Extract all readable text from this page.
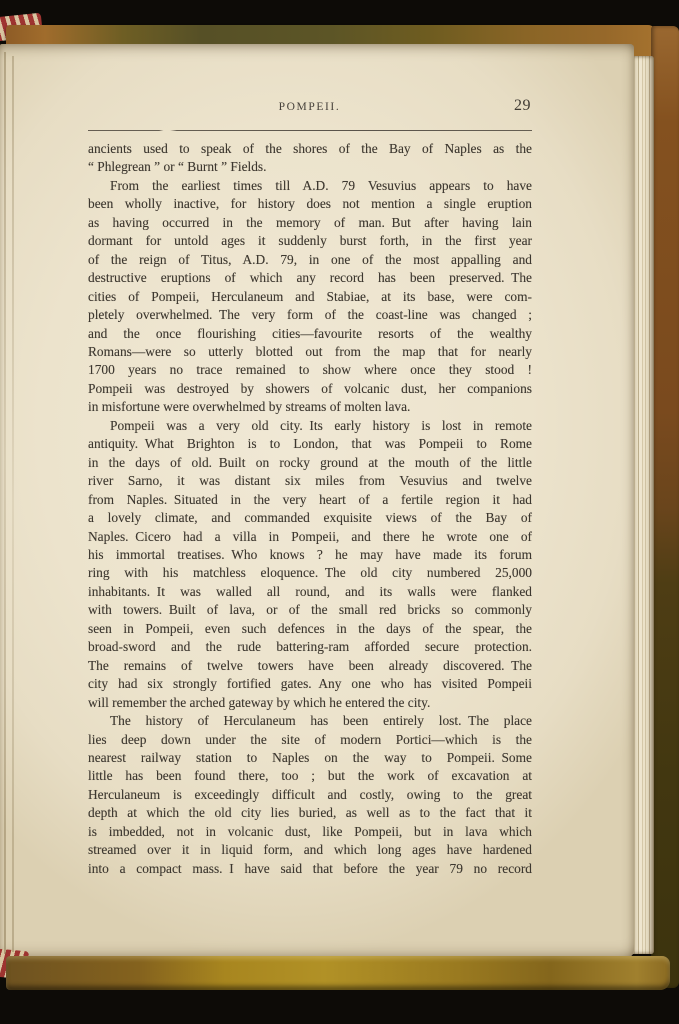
POMPEII.	29
ancients used to speak of the shores of the Bay of Naples as the
“ Phlegrean ” or “ Burnt ” Fields.
From the earliest times till A.D. 79 Vesuvius appears to have
been wholly inactive, for history does not mention a single eruption
as having occurred in the memory of man. But after having lain
dormant for untold ages it suddenly burst forth, in the first year
of the reign of Titus, A.D. 79, in one of the most appalling and
destructive eruptions of which any record has been preserved. The
cities of Pompeii, Herculaneum and Stabiae, at its base, were com-
pletely overwhelmed. The very form of the coast-line was changed ;
and the once flourishing cities—favourite resorts of the wealthy
Romans—were so utterly blotted out from the map that for nearly
1700 years no trace remained to show where once they stood !
Pompeii was destroyed by showers of volcanic dust, her companions
in misfortune were overwhelmed by streams of molten lava.
Pompeii was a very old city. Its early history is lost in remote
antiquity. What Brighton is to London, that was Pompeii to Rome
in the days of old. Built on rocky ground at the mouth of the little
river Sarno, it was distant six miles from Vesuvius and twelve
from Naples. Situated in the very heart of a fertile region it had
a lovely climate, and commanded exquisite views of the Bay of
Naples. Cicero had a villa in Pompeii, and there he wrote one of
his immortal treatises. Who knows ? he may have made its forum
ring with his matchless eloquence. The old city numbered 25,000
inhabitants. It was walled all round, and its walls were flanked
with towers. Built of lava, or of the small red bricks so commonly
seen in Pompeii, even such defences in the days of the spear, the
broad-sword and the rude battering-ram afforded secure protection.
The remains of twelve towers have been already discovered. The
city had six strongly fortified gates. Any one who has visited Pompeii
will remember the arched gateway by which he entered the city.
The history of Herculaneum has been entirely lost. The place
lies deep down under the site of modern Portici—which is the
nearest railway station to Naples on the way to Pompeii. Some
little has been found there, too ; but the work of excavation at
Herculaneum is exceedingly difficult and costly, owing to the great
depth at which the old city lies buried, as well as to the fact that it
is imbedded, not in volcanic dust, like Pompeii, but in lava which
streamed over it in liquid form, and which long ages have hardened
into a compact mass. I have said that before the year 79 no record
